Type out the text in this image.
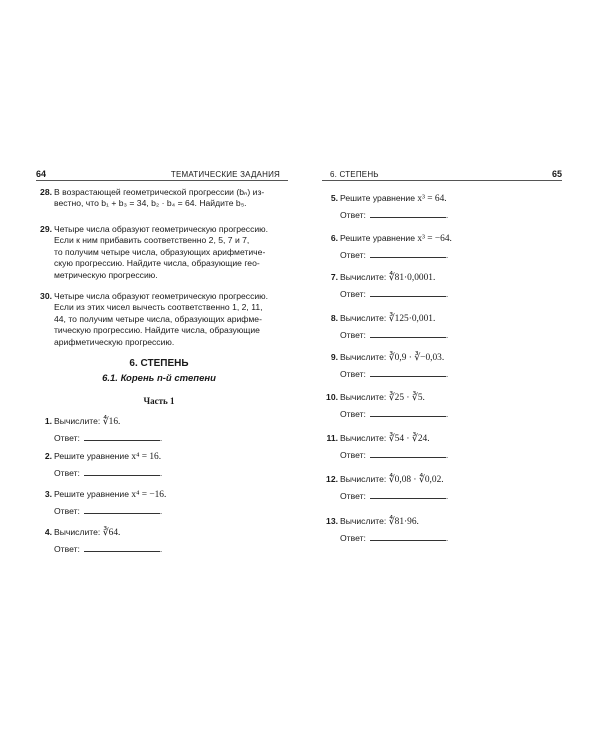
64	ТЕМАТИЧЕСКИЕ ЗАДАНИЯ
28. В возрастающей геометрической прогрессии (bₙ) из-

вестно, что b₁ + b₃ = 34, b₂ · b₄ = 64. Найдите b₅.

29. Четыре числа образуют геометрическую прогрессию.

Если к ним прибавить соответственно 2, 5, 7 и 7,

то получим четыре числа, образующих арифметиче-

скую прогрессию. Найдите числа, образующие гео-

метрическую прогрессию.

30. Четыре числа образуют геометрическую прогрессию.

Если из этих чисел вычесть соответственно 1, 2, 11,

44, то получим четыре числа, образующих арифме-

тическую прогрессию. Найдите числа, образующие

арифметическую прогрессию.

6. СТЕПЕНЬ
6.1. Корень n-й степени
Часть 1
1. Вычислите: ∜16.
Ответ:	.
2. Решите уравнение x⁴ = 16.
Ответ:	.
3. Решите уравнение x⁴ = −16.
Ответ:	.
4. Вычислите: ∛64.
Ответ:	.
6. СТЕПЕНЬ	65
5. Решите уравнение x³ = 64.
Ответ:	.
6. Решите уравнение x³ = −64.
Ответ:	.
7. Вычислите: ∜81·0,0001.
Ответ:	.
8. Вычислите: ∛125·0,001.
Ответ:	.
9. Вычислите: ∛0,9 · ∛−0,03.
Ответ:	.
10. Вычислите: ∛25 · ∛5.
Ответ:	.
11. Вычислите: ∛54 · ∛24.
Ответ:	.
12. Вычислите: ∜0,08 · ∜0,02.
Ответ:	.
13. Вычислите: ∜81·96.
Ответ:	.
